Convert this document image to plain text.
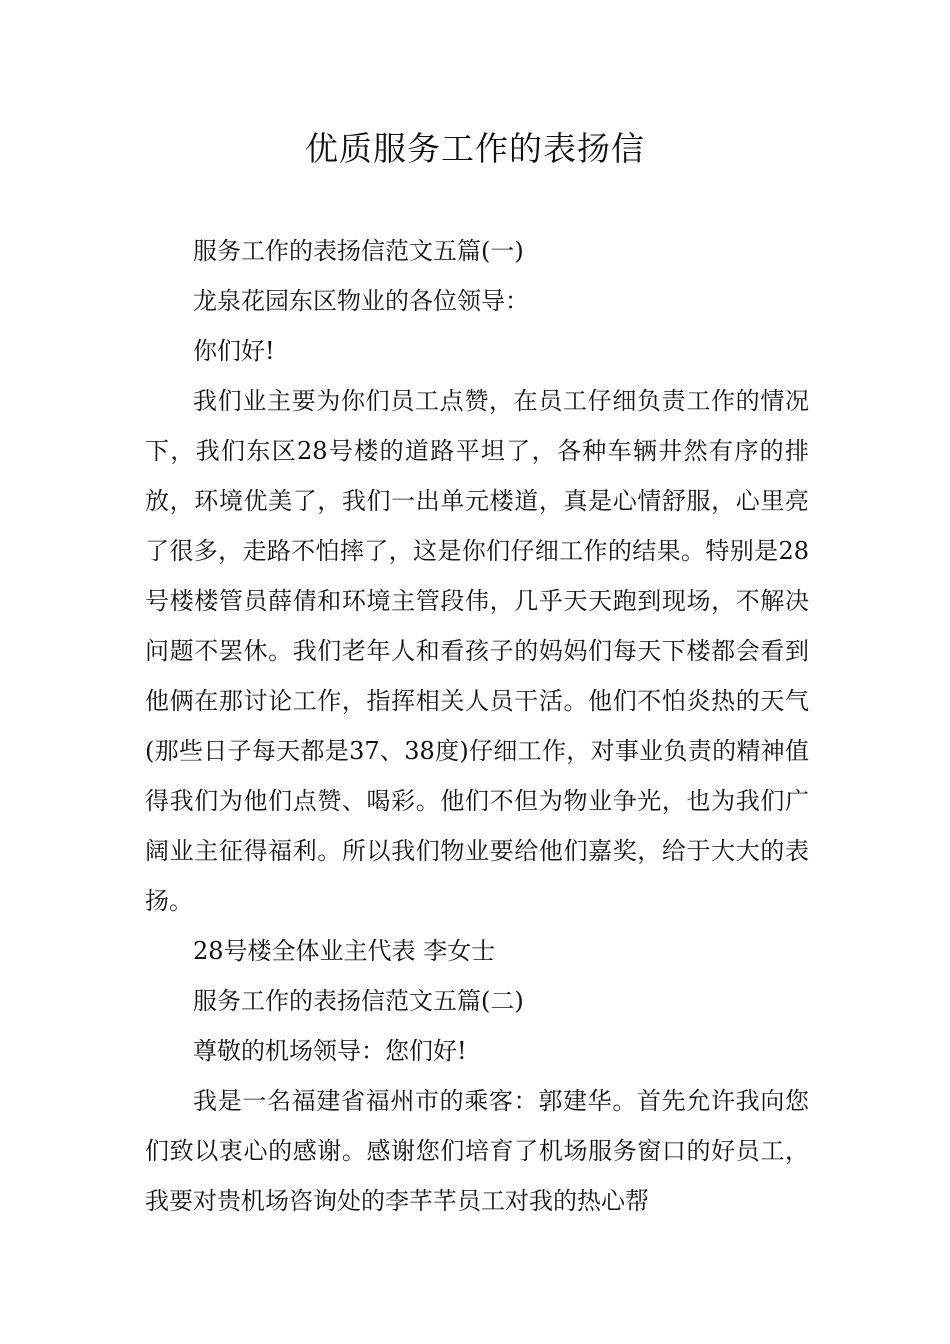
优质服务工作的表扬信

服务工作的表扬信范文五篇(一)

龙泉花园东区物业的各位领导：

你们好!

我们业主要为你们员工点赞，在员工仔细负责工作的情况下，我们东区28号楼的道路平坦了，各种车辆井然有序的排放，环境优美了，我们一出单元楼道，真是心情舒服，心里亮了很多，走路不怕摔了，这是你们仔细工作的结果。特别是28号楼楼管员薛倩和环境主管段伟，几乎天天跑到现场，不解决问题不罢休。我们老年人和看孩子的妈妈们每天下楼都会看到他俩在那讨论工作，指挥相关人员干活。他们不怕炎热的天气(那些日子每天都是37、38度)仔细工作，对事业负责的精神值得我们为他们点赞、喝彩。他们不但为物业争光，也为我们广阔业主征得福利。所以我们物业要给他们嘉奖，给于大大的表扬。

28号楼全体业主代表 李女士

服务工作的表扬信范文五篇(二)

尊敬的机场领导：您们好!

我是一名福建省福州市的乘客：郭建华。首先允许我向您们致以衷心的感谢。感谢您们培育了机场服务窗口的好员工，我要对贵机场咨询处的李芊芊员工对我的热心帮
